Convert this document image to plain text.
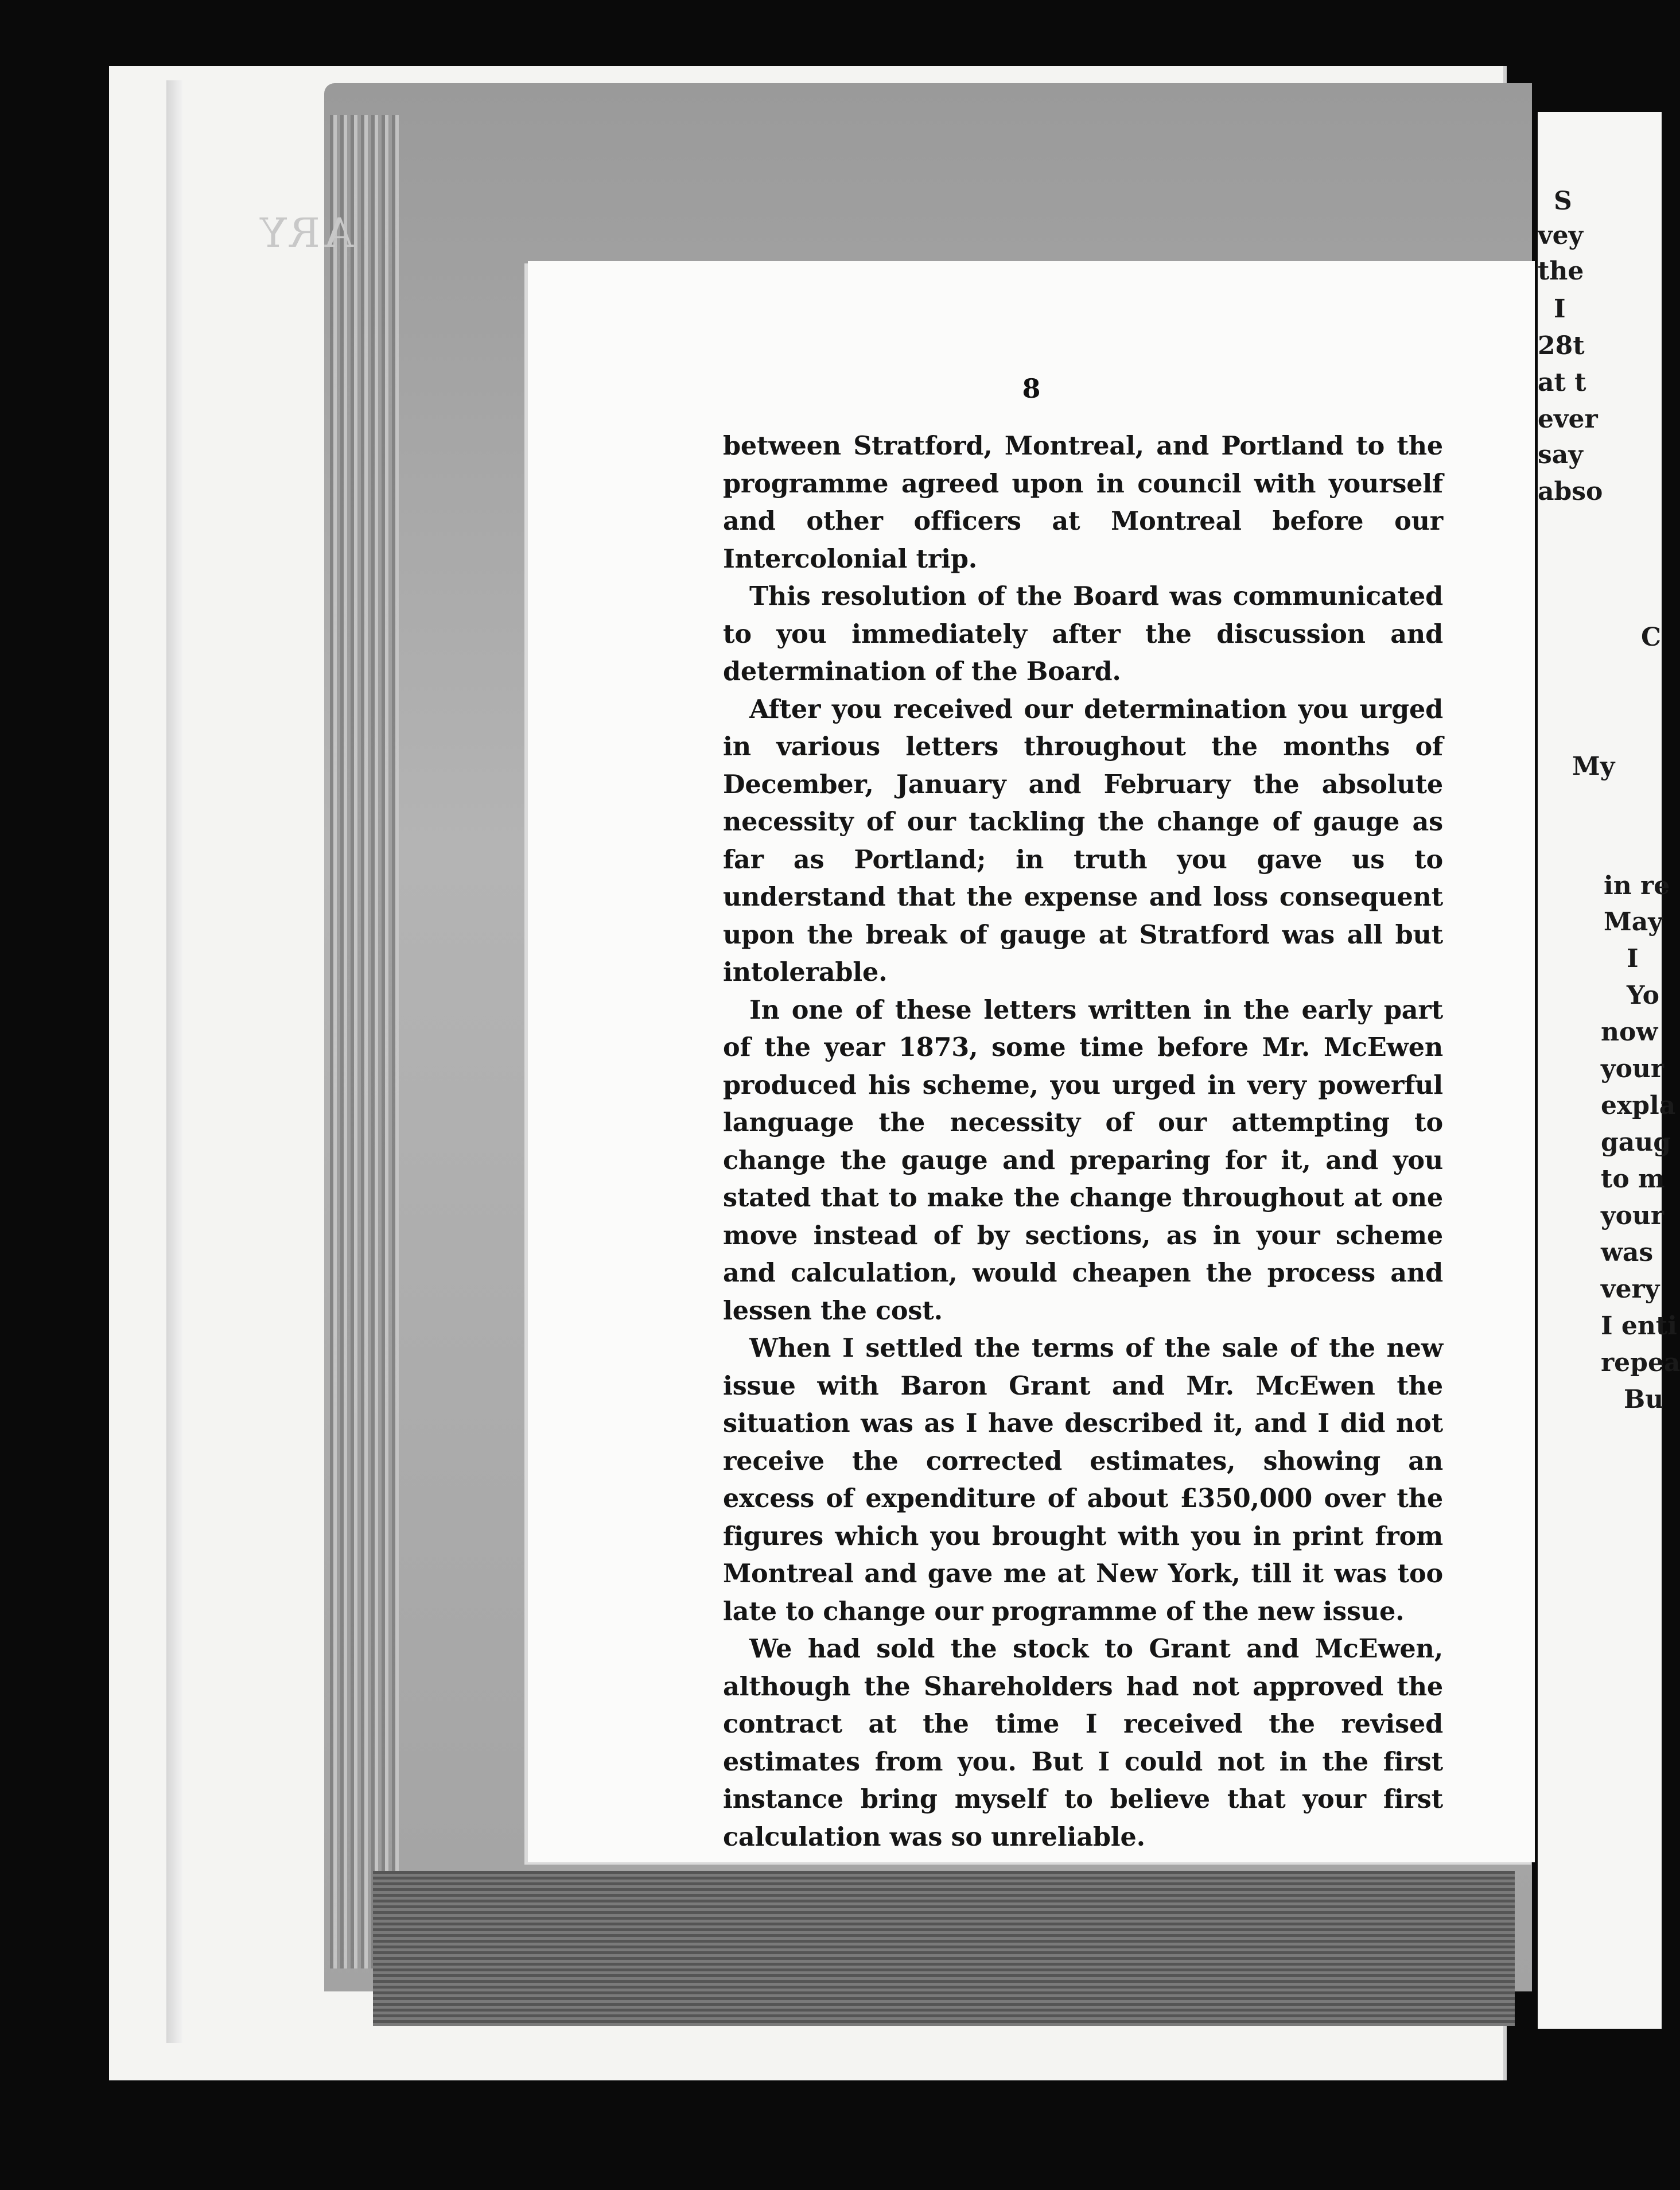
ARY

S

vey

the

I

28t

at t

ever

say

abso

C

My

in re

May

I

Yo

now

your

expla

gaug

to m

your

was

very

I enti

repea

Bu

8

between Stratford, Montreal, and Portland to the programme agreed upon in council with yourself and other officers at Montreal before our Intercolonial trip.

This resolution of the Board was communicated to you immediately after the discussion and determination of the Board.

After you received our determination you urged in various letters throughout the months of December, January and February the absolute necessity of our tackling the change of gauge as far as Portland; in truth you gave us to understand that the expense and loss consequent upon the break of gauge at Stratford was all but intolerable.

In one of these letters written in the early part of the year 1873, some time before Mr. McEwen produced his scheme, you urged in very powerful language the necessity of our attempting to change the gauge and preparing for it, and you stated that to make the change throughout at one move instead of by sections, as in your scheme and calculation, would cheapen the process and lessen the cost.

When I settled the terms of the sale of the new issue with Baron Grant and Mr. McEwen the situation was as I have described it, and I did not receive the corrected estimates, showing an excess of expenditure of about £350,000 over the figures which you brought with you in print from Montreal and gave me at New York, till it was too late to change our programme of the new issue.

We had sold the stock to Grant and McEwen, although the Shareholders had not approved the contract at the time I received the revised estimates from you. But I could not in the first instance bring myself to believe that your first calculation was so unreliable.
